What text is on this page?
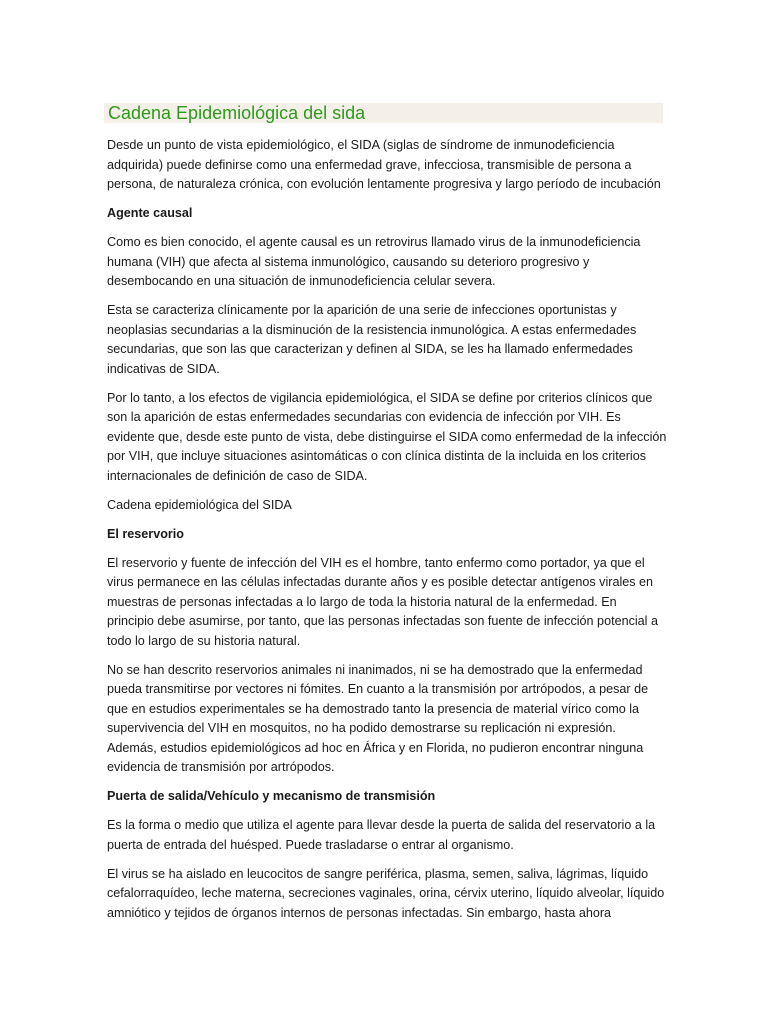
Cadena Epidemiológica del sida

Desde un punto de vista epidemiológico, el SIDA (siglas de síndrome de inmunodeficiencia adquirida) puede definirse como una enfermedad grave, infecciosa, transmisible de persona a persona, de naturaleza crónica, con evolución lentamente progresiva y largo período de incubación

Agente causal

Como es bien conocido, el agente causal es un retrovirus llamado virus de la inmunodeficiencia humana (VIH) que afecta al sistema inmunológico, causando su deterioro progresivo y desembocando en una situación de inmunodeficiencia celular severa.

Esta se caracteriza clínicamente por la aparición de una serie de infecciones oportunistas y neoplasias secundarias a la disminución de la resistencia inmunológica. A estas enfermedades secundarias, que son las que caracterizan y definen al SIDA, se les ha llamado enfermedades indicativas de SIDA.

Por lo tanto, a los efectos de vigilancia epidemiológica, el SIDA se define por criterios clínicos que son la aparición de estas enfermedades secundarias con evidencia de infección por VIH. Es evidente que, desde este punto de vista, debe distinguirse el SIDA como enfermedad de la infección por VIH, que incluye situaciones asintomáticas o con clínica distinta de la incluida en los criterios internacionales de definición de caso de SIDA.

Cadena epidemiológica del SIDA
El reservorio

El reservorio y fuente de infección del VIH es el hombre, tanto enfermo como portador, ya que el virus permanece en las células infectadas durante años y es posible detectar antígenos virales en muestras de personas infectadas a lo largo de toda la historia natural de la enfermedad. En principio debe asumirse, por tanto, que las personas infectadas son fuente de infección potencial a todo lo largo de su historia natural.

No se han descrito reservorios animales ni inanimados, ni se ha demostrado que la enfermedad pueda transmitirse por vectores ni fómites. En cuanto a la transmisión por artrópodos, a pesar de que en estudios experimentales se ha demostrado tanto la presencia de material vírico como la supervivencia del VIH en mosquitos, no ha podido demostrarse su replicación ni expresión. Además, estudios epidemiológicos ad hoc en África y en Florida, no pudieron encontrar ninguna evidencia de transmisión por artrópodos.

Puerta de salida/Vehículo y mecanismo de transmisión

Es la forma o medio que utiliza el agente para llevar desde la puerta de salida del reservatorio a la puerta de entrada del huésped. Puede trasladarse o entrar al organismo.

El virus se ha aislado en leucocitos de sangre periférica, plasma, semen, saliva, lágrimas, líquido cefalorraquídeo, leche materna, secreciones vaginales, orina, cérvix uterino, líquido alveolar, líquido amniótico y tejidos de órganos internos de personas infectadas. Sin embargo, hasta ahora
